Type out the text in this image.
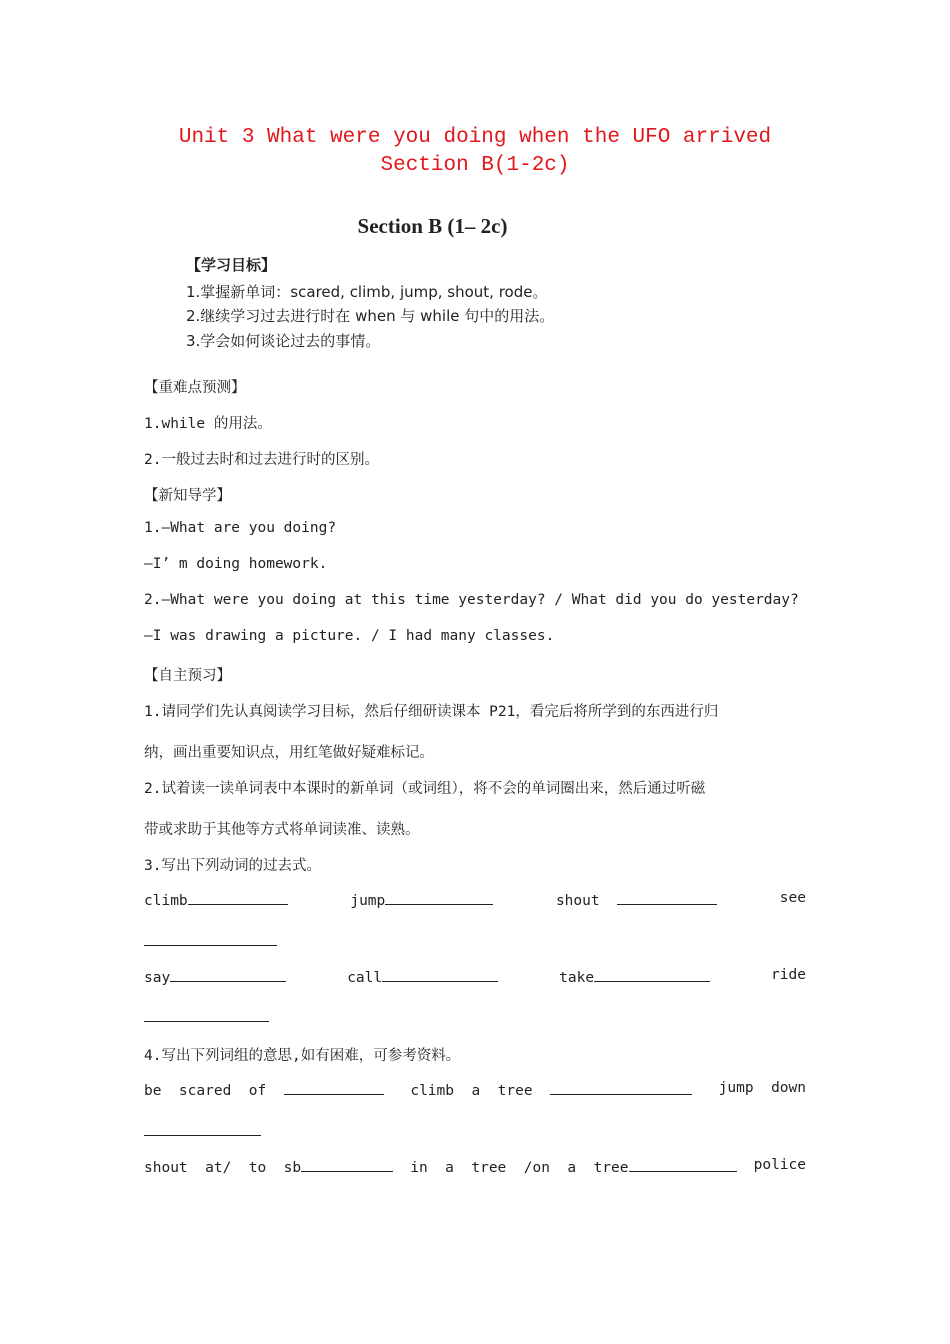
Unit 3 What were you doing when the UFO arrived Section B(1-2c)
Section B (1– 2c)
【学习目标】
1.掌握新单词：scared, climb, jump, shout, rode。
2.继续学习过去进行时在 when 与 while 句中的用法。
3.学会如何谈论过去的事情。
【重难点预测】
1.while 的用法。
2.一般过去时和过去进行时的区别。
【新知导学】
1.—What are you doing?
—I’ m doing homework.
2.—What were you doing at this time yesterday? / What did you do yesterday?
—I was drawing a picture. / I had many classes.
【自主预习】
1.请同学们先认真阅读学习目标，然后仔细研读课本 P21，看完后将所学到的东西进行归
纳，画出重要知识点，用红笔做好疑难标记。
2.试着读一读单词表中本课时的新单词（或词组），将不会的单词圈出来，然后通过听磁
带或求助于其他等方式将单词读准、读熟。
3.写出下列动词的过去式。
climb	jump	shout	see
say	call	take	ride
4.写出下列词组的意思,如有困难，可参考资料。
be  scared  of	climb  a  tree	jump  down
shout  at/  to  sb	in  a  tree  /on  a  tree	police
